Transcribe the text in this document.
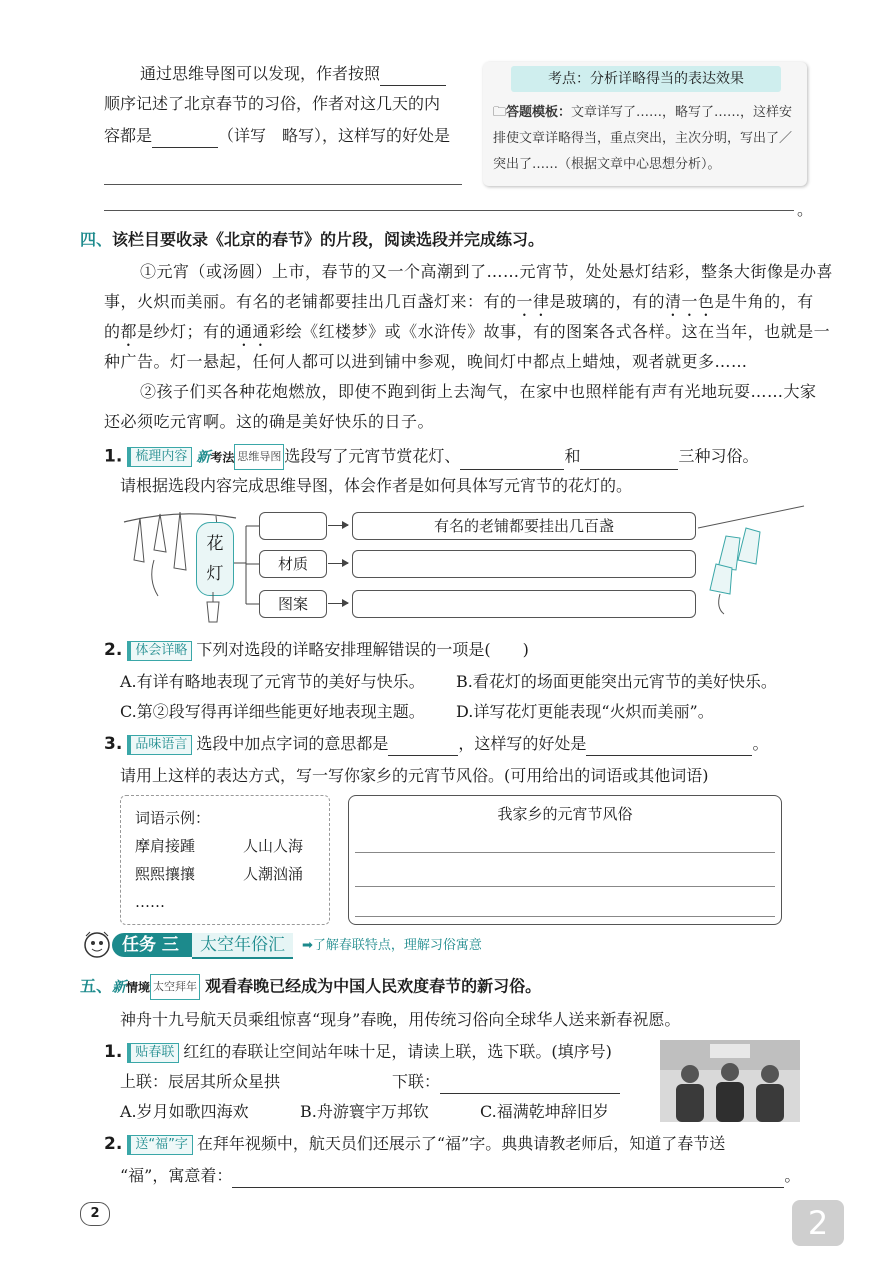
通过思维导图可以发现，作者按照
顺序记述了北京春节的习俗，作者对这几天的内
容都是	（详写　略写），这样写的好处是
考点：分析详略得当的表达效果
🗀答题模板：文章详写了……，略写了……，这样安排使文章详略得当，重点突出，主次分明，写出了／突出了……（根据文章中心思想分析）。
。
四、该栏目要收录《北京的春节》的片段，阅读选段并完成练习。
①元宵（或汤圆）上市，春节的又一个高潮到了……元宵节，处处悬灯结彩，整条大街像是办喜
事，火炽而美丽。有名的老铺都要挂出几百盏灯来：有的一律是玻璃的，有的清一色是牛角的，有
的都是纱灯；有的通通彩绘《红楼梦》或《水浒传》故事，有的图案各式各样。这在当年，也就是一
种广告。灯一悬起，任何人都可以进到铺中参观，晚间灯中都点上蜡烛，观者就更多……
②孩子们买各种花炮燃放，即使不跑到街上去淘气，在家中也照样能有声有光地玩耍……大家
还必须吃元宵啊。这的确是美好快乐的日子。
1. 梳理内容 新考法 思维导图 选段写了元宵节赏花灯、	和	三种习俗。
请根据选段内容完成思维导图，体会作者是如何具体写元宵节的花灯的。
花
灯	材质
图案
有名的老铺都要挂出几百盏
2. 体会详略 下列对选段的详略安排理解错误的一项是(　　)
A.有详有略地表现了元宵节的美好与快乐。 B.看花灯的场面更能突出元宵节的美好快乐。
C.第②段写得再详细些能更好地表现主题。 D.详写花灯更能表现“火炽而美丽”。
3. 品味语言 选段中加点字词的意思都是	，这样写的好处是	。
请用上这样的表达方式，写一写你家乡的元宵节风俗。(可用给出的词语或其他词语)
词语示例：
摩肩接踵	人山人海
熙熙攘攘	人潮汹涌
……
我家乡的元宵节风俗
任务 三	太空年俗汇	➡了解春联特点，理解习俗寓意
五、新情境 太空拜年 观看春晚已经成为中国人民欢度春节的新习俗。
神舟十九号航天员乘组惊喜“现身”春晚，用传统习俗向全球华人送来新春祝愿。
1. 贴春联 红红的春联让空间站年味十足，请读上联，选下联。(填序号)
上联：辰居其所众星拱	下联：
A.岁月如歌四海欢	B.舟游寰宇万邦钦	C.福满乾坤辞旧岁
2. 送“福”字 在拜年视频中，航天员们还展示了“福”字。典典请教老师后，知道了春节送
“福”，寓意着：	。
2	2
